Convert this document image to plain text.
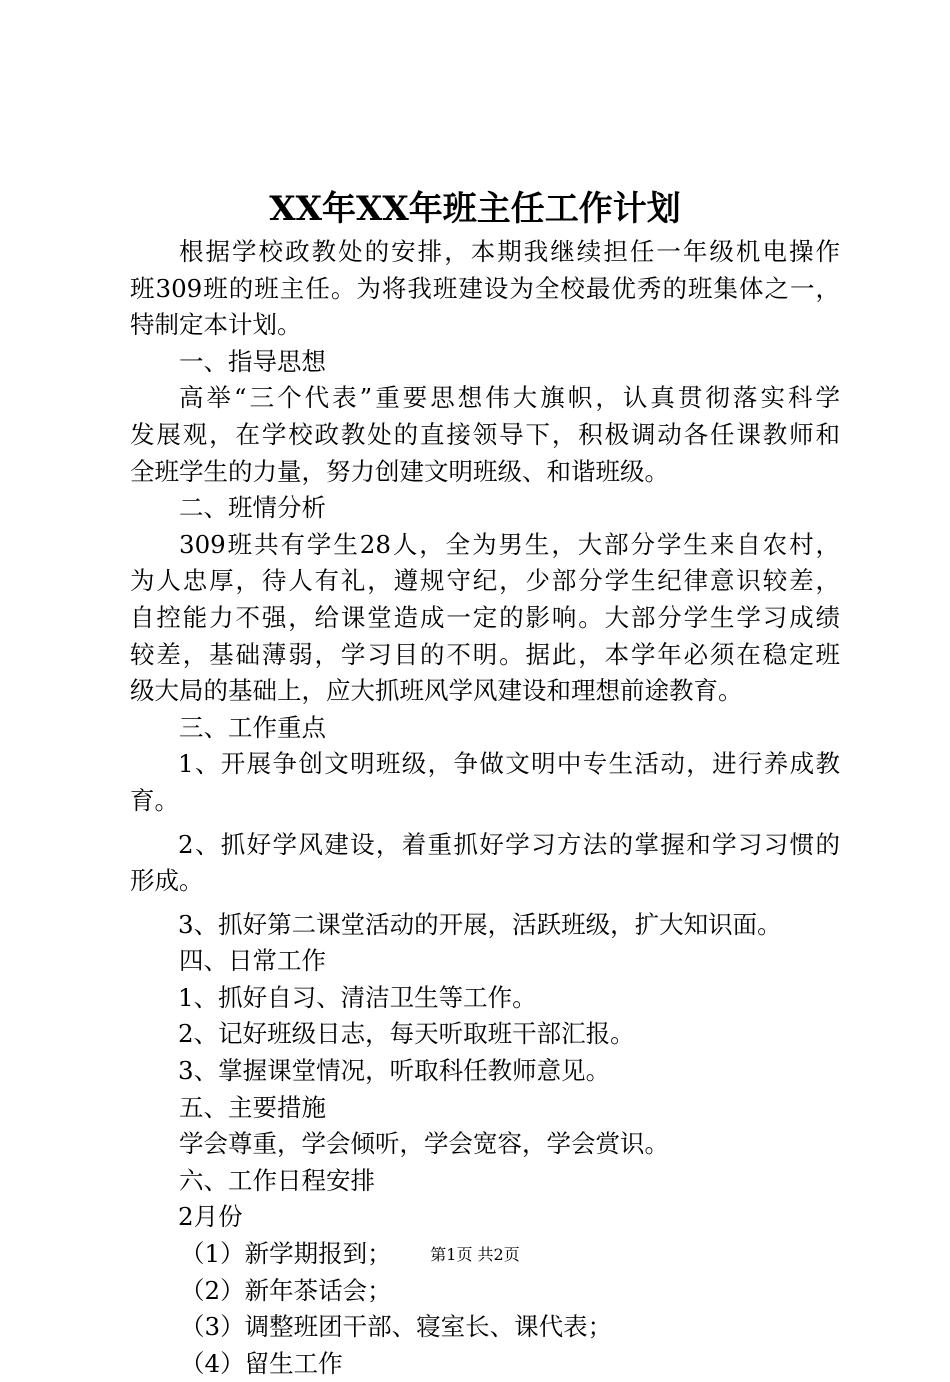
XX年XX年班主任工作计划
根据学校政教处的安排，本期我继续担任一年级机电操作
班309班的班主任。为将我班建设为全校最优秀的班集体之一，
特制定本计划。
一、指导思想
高举“三个代表”重要思想伟大旗帜，认真贯彻落实科学
发展观，在学校政教处的直接领导下，积极调动各任课教师和
全班学生的力量，努力创建文明班级、和谐班级。
二、班情分析
309班共有学生28人，全为男生，大部分学生来自农村，
为人忠厚，待人有礼，遵规守纪，少部分学生纪律意识较差，
自控能力不强，给课堂造成一定的影响。大部分学生学习成绩
较差，基础薄弱，学习目的不明。据此，本学年必须在稳定班
级大局的基础上，应大抓班风学风建设和理想前途教育。
三、工作重点
1、开展争创文明班级，争做文明中专生活动，进行养成教
育。
2、抓好学风建设，着重抓好学习方法的掌握和学习习惯的
形成。
3、抓好第二课堂活动的开展，活跃班级，扩大知识面。
四、日常工作
1、抓好自习、清洁卫生等工作。
2、记好班级日志，每天听取班干部汇报。
3、掌握课堂情况，听取科任教师意见。
五、主要措施
学会尊重，学会倾听，学会宽容，学会赏识。
六、工作日程安排
2月份
（1）新学期报到；
（2）新年茶话会；
（3）调整班团干部、寝室长、课代表；
（4）留生工作
第1页 共2页
